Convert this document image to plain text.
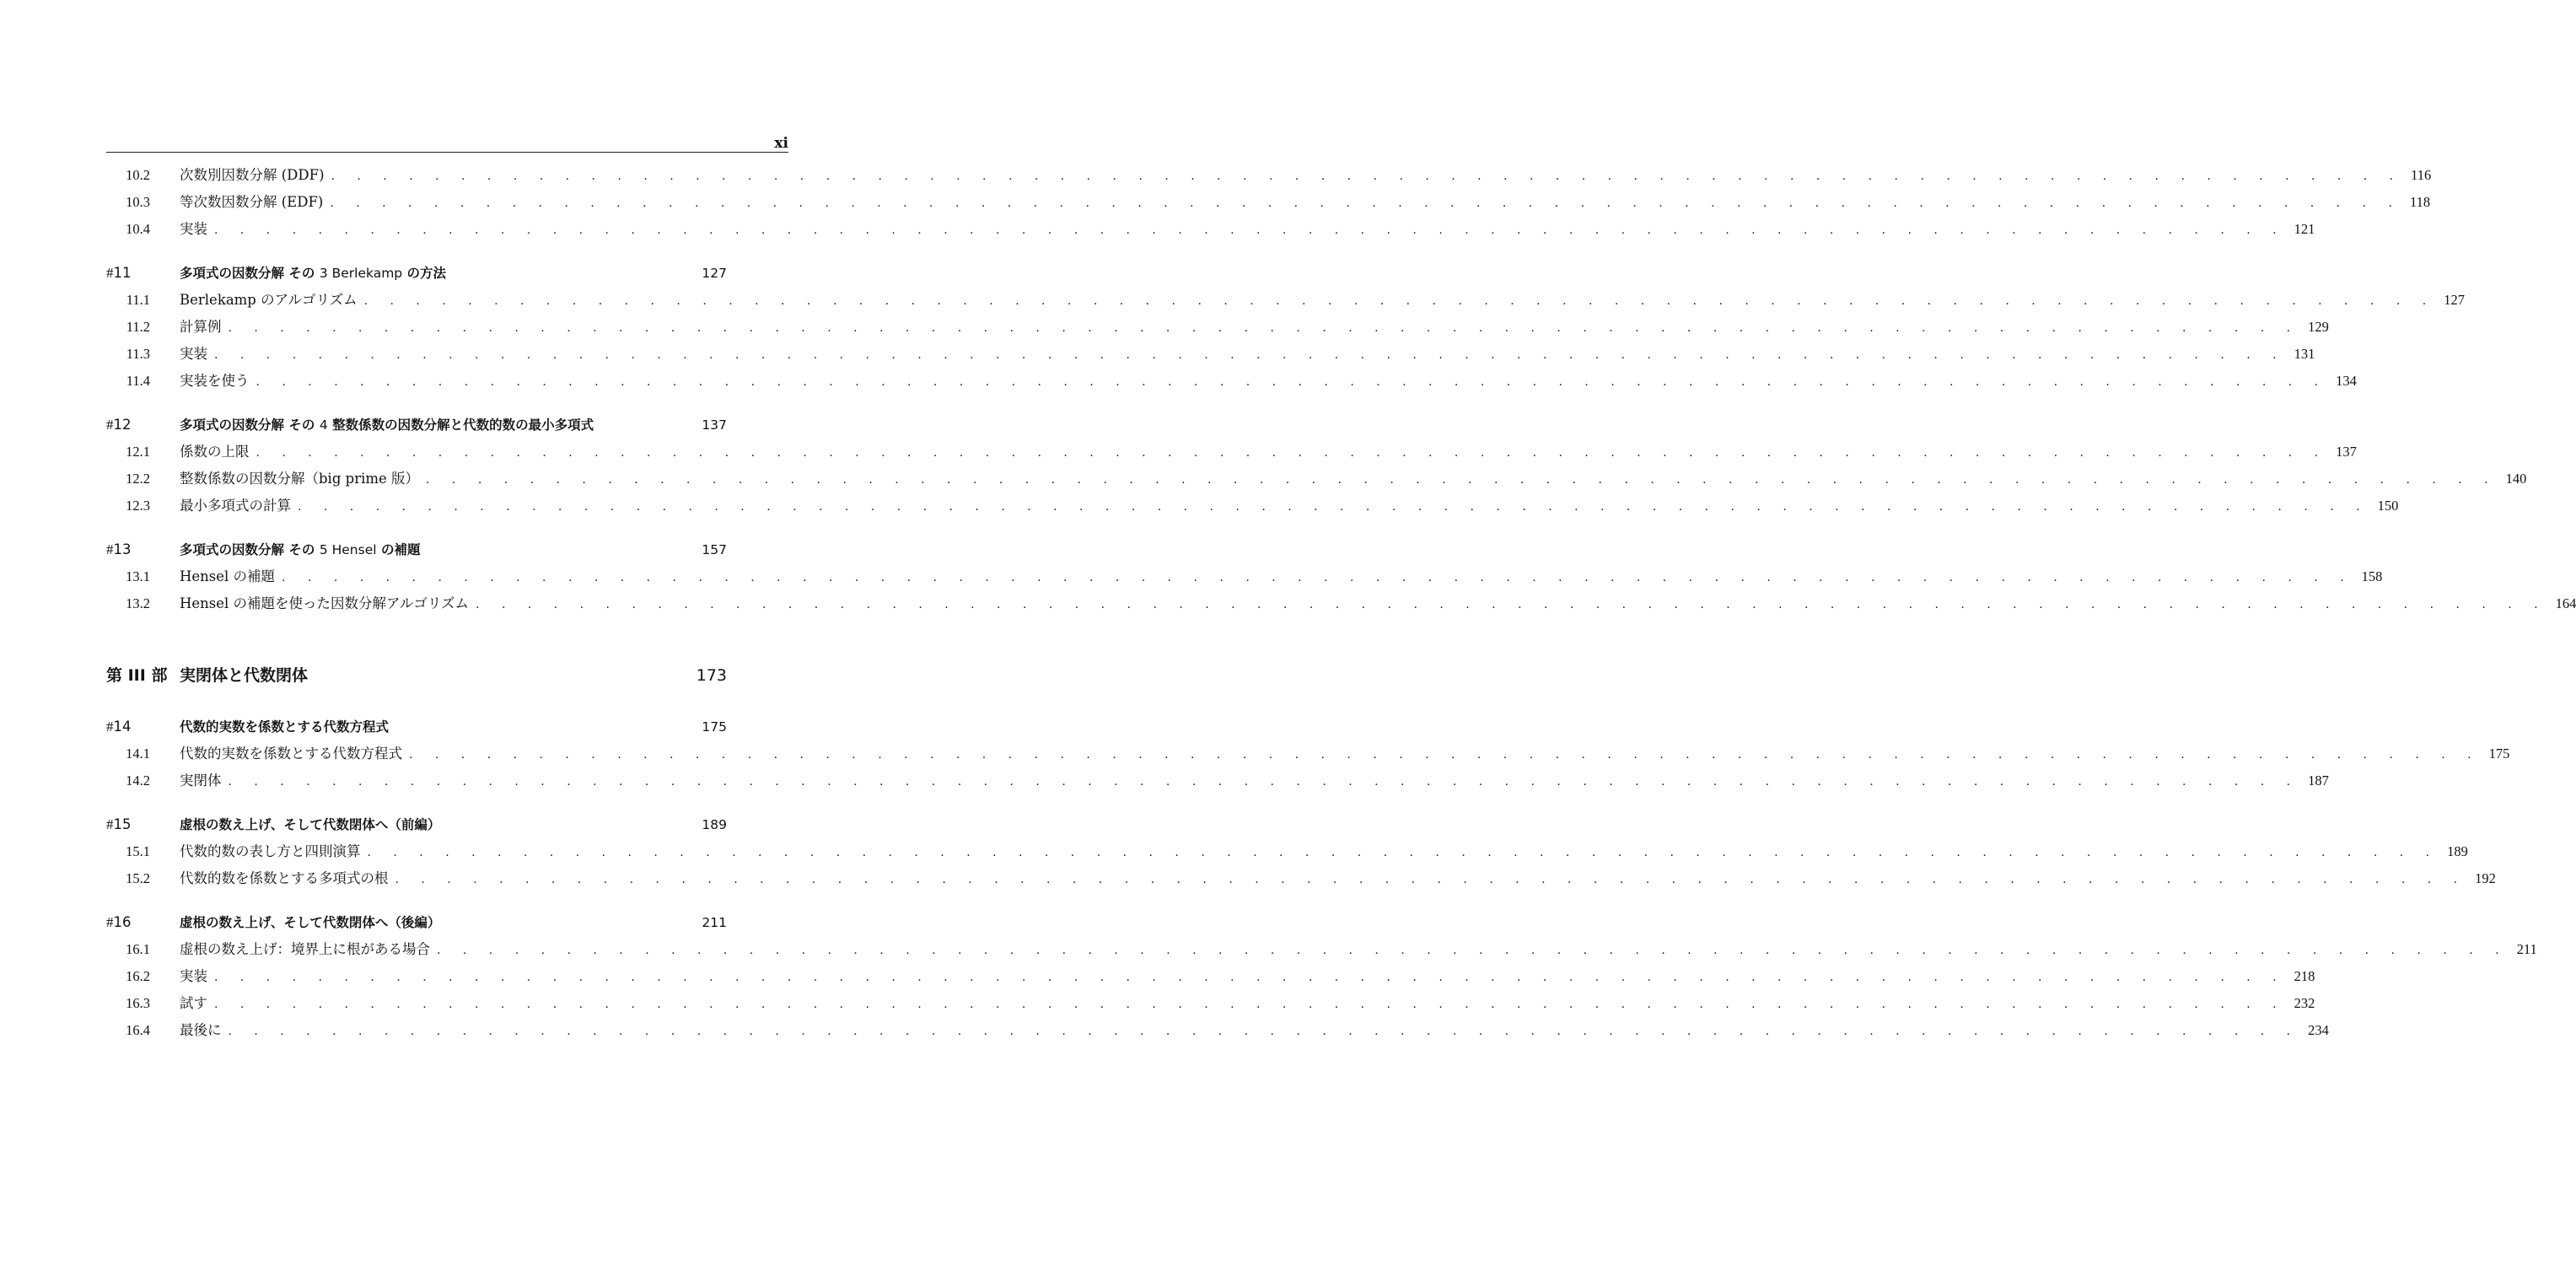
xi
10.2 次数別因数分解 (DDF) . . . . . . . . . . . . . . . . . . . . . . . . . . . . . . . . . . . . . . . . . . . . . . . . . . . . . . . . . . . . . . . . . . . . . . . . . . . . . . . . 116
10.3 等次数因数分解 (EDF) . . . . . . . . . . . . . . . . . . . . . . . . . . . . . . . . . . . . . . . . . . . . . . . . . . . . . . . . . . . . . . . . . . . . . . . . . . . . . . . . 118
10.4 実装 . . . . . . . . . . . . . . . . . . . . . . . . . . . . . . . . . . . . . . . . . . . . . . . . . . . . . . . . . . . . . . . . . . . . . . . . . . . . . . . . 121
#11	多項式の因数分解 その 3 Berlekamp の方法	127
11.1 Berlekamp のアルゴリズム . . . . . . . . . . . . . . . . . . . . . . . . . . . . . . . . . . . . . . . . . . . . . . . . . . . . . . . . . . . . . . . . . . . . . . . . . . . . . . . . 127
11.2 計算例 . . . . . . . . . . . . . . . . . . . . . . . . . . . . . . . . . . . . . . . . . . . . . . . . . . . . . . . . . . . . . . . . . . . . . . . . . . . . . . . . 129
11.3 実装 . . . . . . . . . . . . . . . . . . . . . . . . . . . . . . . . . . . . . . . . . . . . . . . . . . . . . . . . . . . . . . . . . . . . . . . . . . . . . . . . 131
11.4 実装を使う . . . . . . . . . . . . . . . . . . . . . . . . . . . . . . . . . . . . . . . . . . . . . . . . . . . . . . . . . . . . . . . . . . . . . . . . . . . . . . . . 134
#12	多項式の因数分解 その 4 整数係数の因数分解と代数的数の最小多項式	137
12.1 係数の上限 . . . . . . . . . . . . . . . . . . . . . . . . . . . . . . . . . . . . . . . . . . . . . . . . . . . . . . . . . . . . . . . . . . . . . . . . . . . . . . . . 137
12.2 整数係数の因数分解（big prime 版） . . . . . . . . . . . . . . . . . . . . . . . . . . . . . . . . . . . . . . . . . . . . . . . . . . . . . . . . . . . . . . . . . . . . . . . . . . . . . . . . 140
12.3 最小多項式の計算 . . . . . . . . . . . . . . . . . . . . . . . . . . . . . . . . . . . . . . . . . . . . . . . . . . . . . . . . . . . . . . . . . . . . . . . . . . . . . . . . 150
#13	多項式の因数分解 その 5 Hensel の補題	157
13.1 Hensel の補題 . . . . . . . . . . . . . . . . . . . . . . . . . . . . . . . . . . . . . . . . . . . . . . . . . . . . . . . . . . . . . . . . . . . . . . . . . . . . . . . . 158
13.2 Hensel の補題を使った因数分解アルゴリズム . . . . . . . . . . . . . . . . . . . . . . . . . . . . . . . . . . . . . . . . . . . . . . . . . . . . . . . . . . . . . . . . . . . . . . . . . . . . . . . . 164
第 III 部 実閉体と代数閉体	173
#14	代数的実数を係数とする代数方程式	175
14.1 代数的実数を係数とする代数方程式 . . . . . . . . . . . . . . . . . . . . . . . . . . . . . . . . . . . . . . . . . . . . . . . . . . . . . . . . . . . . . . . . . . . . . . . . . . . . . . . . 175
14.2 実閉体 . . . . . . . . . . . . . . . . . . . . . . . . . . . . . . . . . . . . . . . . . . . . . . . . . . . . . . . . . . . . . . . . . . . . . . . . . . . . . . . . 187
#15	虚根の数え上げ、そして代数閉体へ（前編）	189
15.1 代数的数の表し方と四則演算 . . . . . . . . . . . . . . . . . . . . . . . . . . . . . . . . . . . . . . . . . . . . . . . . . . . . . . . . . . . . . . . . . . . . . . . . . . . . . . . . 189
15.2 代数的数を係数とする多項式の根 . . . . . . . . . . . . . . . . . . . . . . . . . . . . . . . . . . . . . . . . . . . . . . . . . . . . . . . . . . . . . . . . . . . . . . . . . . . . . . . . 192
#16	虚根の数え上げ、そして代数閉体へ（後編）	211
16.1 虚根の数え上げ：境界上に根がある場合 . . . . . . . . . . . . . . . . . . . . . . . . . . . . . . . . . . . . . . . . . . . . . . . . . . . . . . . . . . . . . . . . . . . . . . . . . . . . . . . . 211
16.2 実装 . . . . . . . . . . . . . . . . . . . . . . . . . . . . . . . . . . . . . . . . . . . . . . . . . . . . . . . . . . . . . . . . . . . . . . . . . . . . . . . . 218
16.3 試す . . . . . . . . . . . . . . . . . . . . . . . . . . . . . . . . . . . . . . . . . . . . . . . . . . . . . . . . . . . . . . . . . . . . . . . . . . . . . . . . 232
16.4 最後に . . . . . . . . . . . . . . . . . . . . . . . . . . . . . . . . . . . . . . . . . . . . . . . . . . . . . . . . . . . . . . . . . . . . . . . . . . . . . . . . 234
